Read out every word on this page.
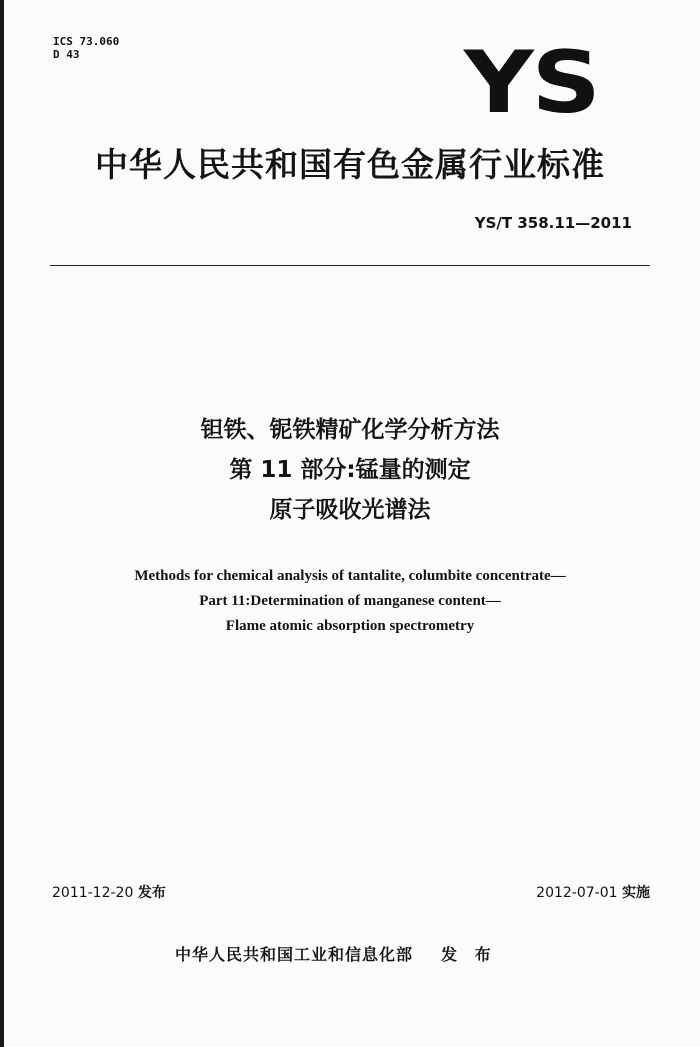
ICS 73.060
D 43	YS
中华人民共和国有色金属行业标准
YS/T 358.11—2011
钽铁、铌铁精矿化学分析方法
第 11 部分:锰量的测定
原子吸收光谱法
Methods for chemical analysis of tantalite, columbite concentrate—
Part 11:Determination of manganese content—
Flame atomic absorption spectrometry
2011-12-20 发布	2012-07-01 实施
中华人民共和国工业和信息化部 发 布
